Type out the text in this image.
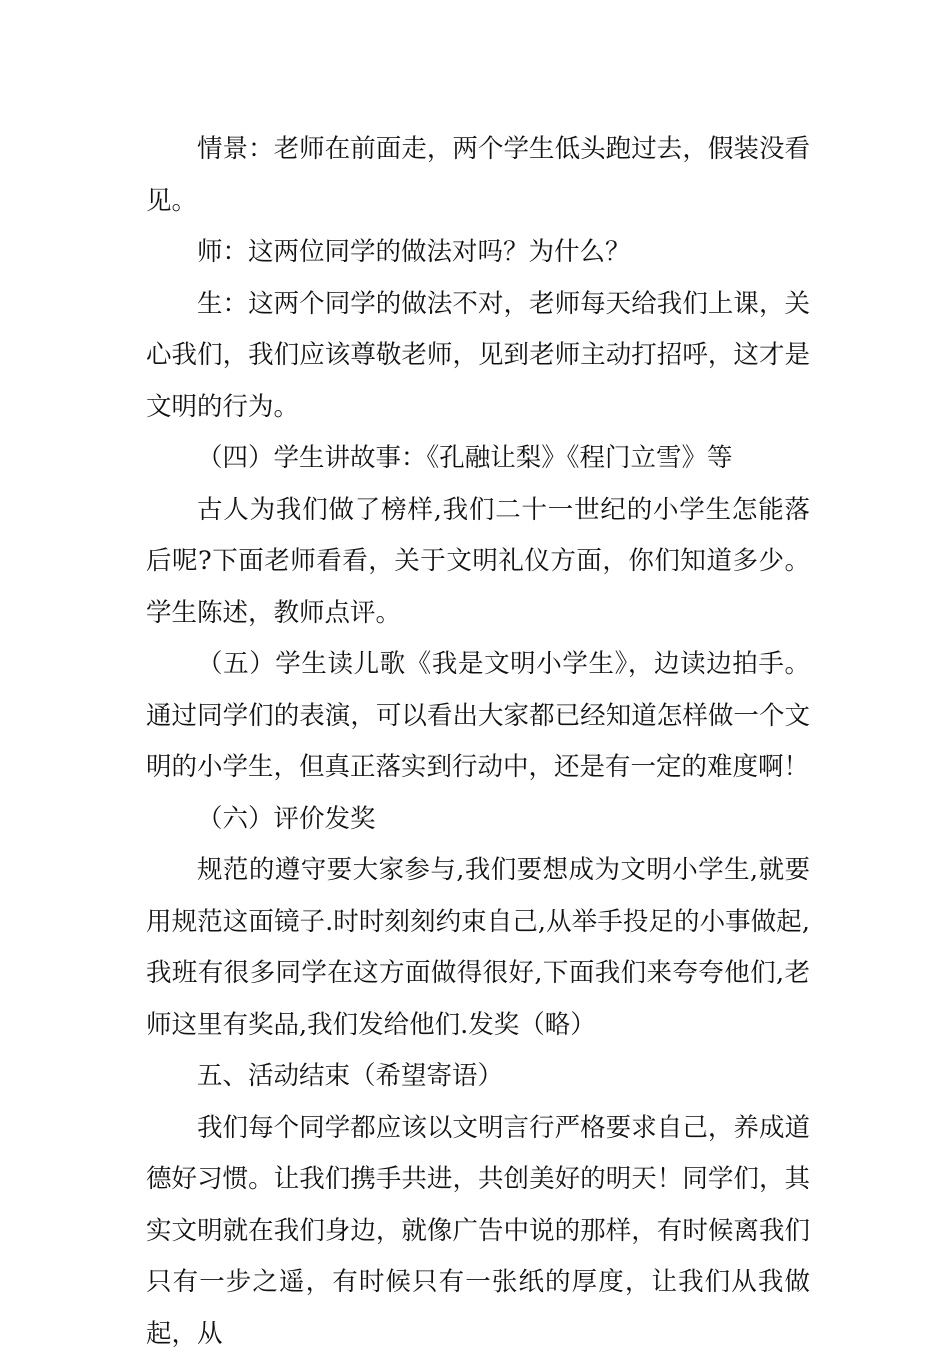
情景：老师在前面走，两个学生低头跑过去，假装没看见。

师：这两位同学的做法对吗？为什么？

生：这两个同学的做法不对，老师每天给我们上课，关心我们，我们应该尊敬老师，见到老师主动打招呼，这才是文明的行为。

（四）学生讲故事：《孔融让梨》《程门立雪》等

古人为我们做了榜样,我们二十一世纪的小学生怎能落后呢?下面老师看看，关于文明礼仪方面，你们知道多少。学生陈述，教师点评。

（五）学生读儿歌《我是文明小学生》，边读边拍手。通过同学们的表演，可以看出大家都已经知道怎样做一个文明的小学生，但真正落实到行动中，还是有一定的难度啊！

（六）评价发奖

规范的遵守要大家参与,我们要想成为文明小学生,就要用规范这面镜子.时时刻刻约束自己,从举手投足的小事做起,我班有很多同学在这方面做得很好,下面我们来夸夸他们,老师这里有奖品,我们发给他们.发奖（略）

五、活动结束（希望寄语）

我们每个同学都应该以文明言行严格要求自己，养成道德好习惯。让我们携手共进，共创美好的明天！同学们，其实文明就在我们身边，就像广告中说的那样，有时候离我们只有一步之遥，有时候只有一张纸的厚度，让我们从我做起，从
